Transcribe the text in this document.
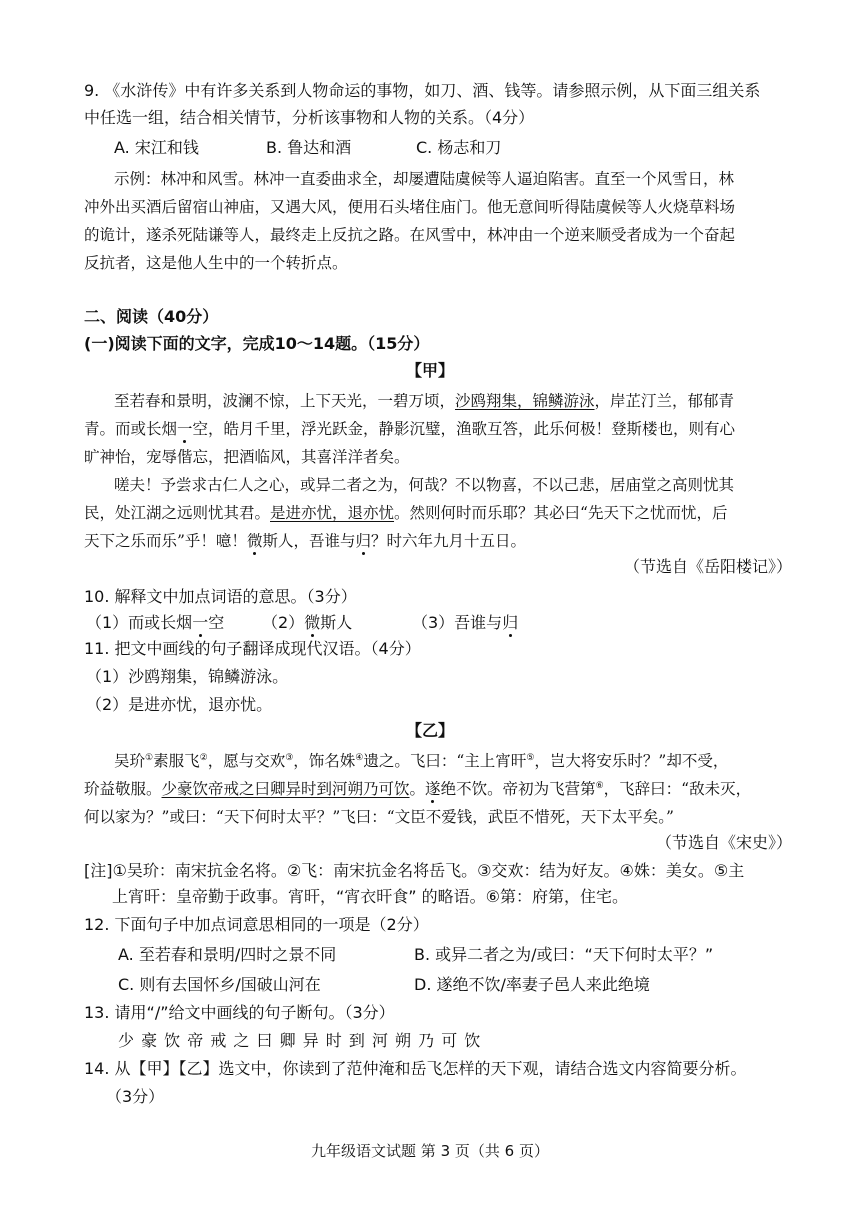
9. 《水浒传》中有许多关系到人物命运的事物，如刀、酒、钱等。请参照示例，从下面三组关系
中任选一组，结合相关情节，分析该事物和人物的关系。（4分）
A. 宋江和钱	B. 鲁达和酒	C. 杨志和刀
示例：林冲和风雪。林冲一直委曲求全，却屡遭陆虞候等人逼迫陷害。直至一个风雪日，林
冲外出买酒后留宿山神庙，又遇大风，便用石头堵住庙门。他无意间听得陆虞候等人火烧草料场
的诡计，遂杀死陆谦等人，最终走上反抗之路。在风雪中，林冲由一个逆来顺受者成为一个奋起
反抗者，这是他人生中的一个转折点。
二、阅读（40分）
(一)阅读下面的文字，完成10～14题。（15分）
【甲】
至若春和景明，波澜不惊，上下天光，一碧万顷，沙鸥翔集，锦鳞游泳，岸芷汀兰，郁郁青
青。而或长烟一空，皓月千里，浮光跃金，静影沉璧，渔歌互答，此乐何极！登斯楼也，则有心
旷神怡，宠辱偕忘，把酒临风，其喜洋洋者矣。
嗟夫！予尝求古仁人之心，或异二者之为，何哉？不以物喜，不以己悲，居庙堂之高则忧其
民，处江湖之远则忧其君。是进亦忧，退亦忧。然则何时而乐耶？其必曰“先天下之忧而忧，后
天下之乐而乐”乎！噫！微斯人，吾谁与归？时六年九月十五日。
（节选自《岳阳楼记》）
10. 解释文中加点词语的意思。（3分）
（1）而或长烟一空 （2）微斯人	（3）吾谁与归
11. 把文中画线的句子翻译成现代汉语。（4分）
（1）沙鸥翔集，锦鳞游泳。
（2）是进亦忧，退亦忧。
【乙】
吴玠①素服飞②，愿与交欢③，饰名姝④遗之。飞曰：“主上宵旰⑤，岂大将安乐时？”却不受，
玠益敬服。少豪饮帝戒之曰卿异时到河朔乃可饮。遂绝不饮。帝初为飞营第⑥，飞辞曰：“敌未灭，
何以家为？”或曰：“天下何时太平？”飞曰：“文臣不爱钱，武臣不惜死，天下太平矣。”
（节选自《宋史》）
[注]①吴玠：南宋抗金名将。②飞：南宋抗金名将岳飞。③交欢：结为好友。④姝：美女。⑤主
上宵旰：皇帝勤于政事。宵旰，“宵衣旰食” 的略语。⑥第：府第，住宅。
12. 下面句子中加点词意思相同的一项是（2分）
A. 至若春和景明/四时之景不同	B. 或异二者之为/或曰：“天下何时太平？”
C. 则有去国怀乡/国破山河在	D. 遂绝不饮/率妻子邑人来此绝境
13. 请用“/”给文中画线的句子断句。（3分）
少 豪 饮 帝 戒 之 曰 卿 异 时 到 河 朔 乃 可 饮
14. 从【甲】【乙】选文中，你读到了范仲淹和岳飞怎样的天下观，请结合选文内容简要分析。
（3分）
九年级语文试题 第 3 页（共 6 页）
